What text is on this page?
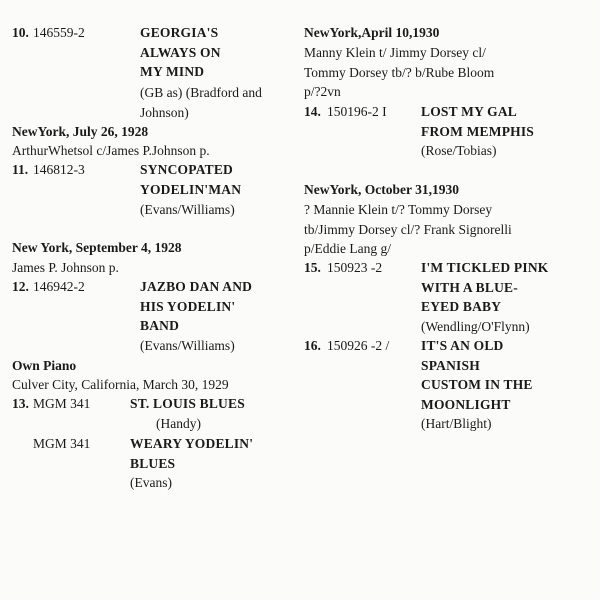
10. 146559-2	GEORGIA'S
ALWAYS ON
MY MIND
(GB as) (Bradford and
Johnson)
NewYork, July 26, 1928
ArthurWhetsol c/James P.Johnson p.
11. 146812-3	SYNCOPATED
YODELIN'MAN
(Evans/Williams)
New York, September 4, 1928
James P. Johnson p.
12. 146942-2	JAZBO DAN AND
HIS YODELIN'
BAND
(Evans/Williams)
Own Piano
Culver City, California, March 30, 1929
13. MGM 341	ST. LOUIS BLUES
(Handy)
MGM 341	WEARY YODELIN'
BLUES
(Evans)
NewYork,April 10,1930
Manny Klein t/ Jimmy Dorsey cl/
Tommy Dorsey tb/? b/Rube Bloom
p/?2vn
14. 150196-2 I	LOST MY GAL
FROM MEMPHIS
(Rose/Tobias)
NewYork, October 31,1930
? Mannie Klein t/? Tommy Dorsey
tb/Jimmy Dorsey cl/? Frank Signorelli
p/Eddie Lang g/
15. 150923 -2	I'M TICKLED PINK
WITH A BLUE-
EYED BABY
(Wendling/O'Flynn)
16. 150926 -2 / IT'S AN OLD
SPANISH
CUSTOM IN THE
MOONLIGHT
(Hart/Blight)
